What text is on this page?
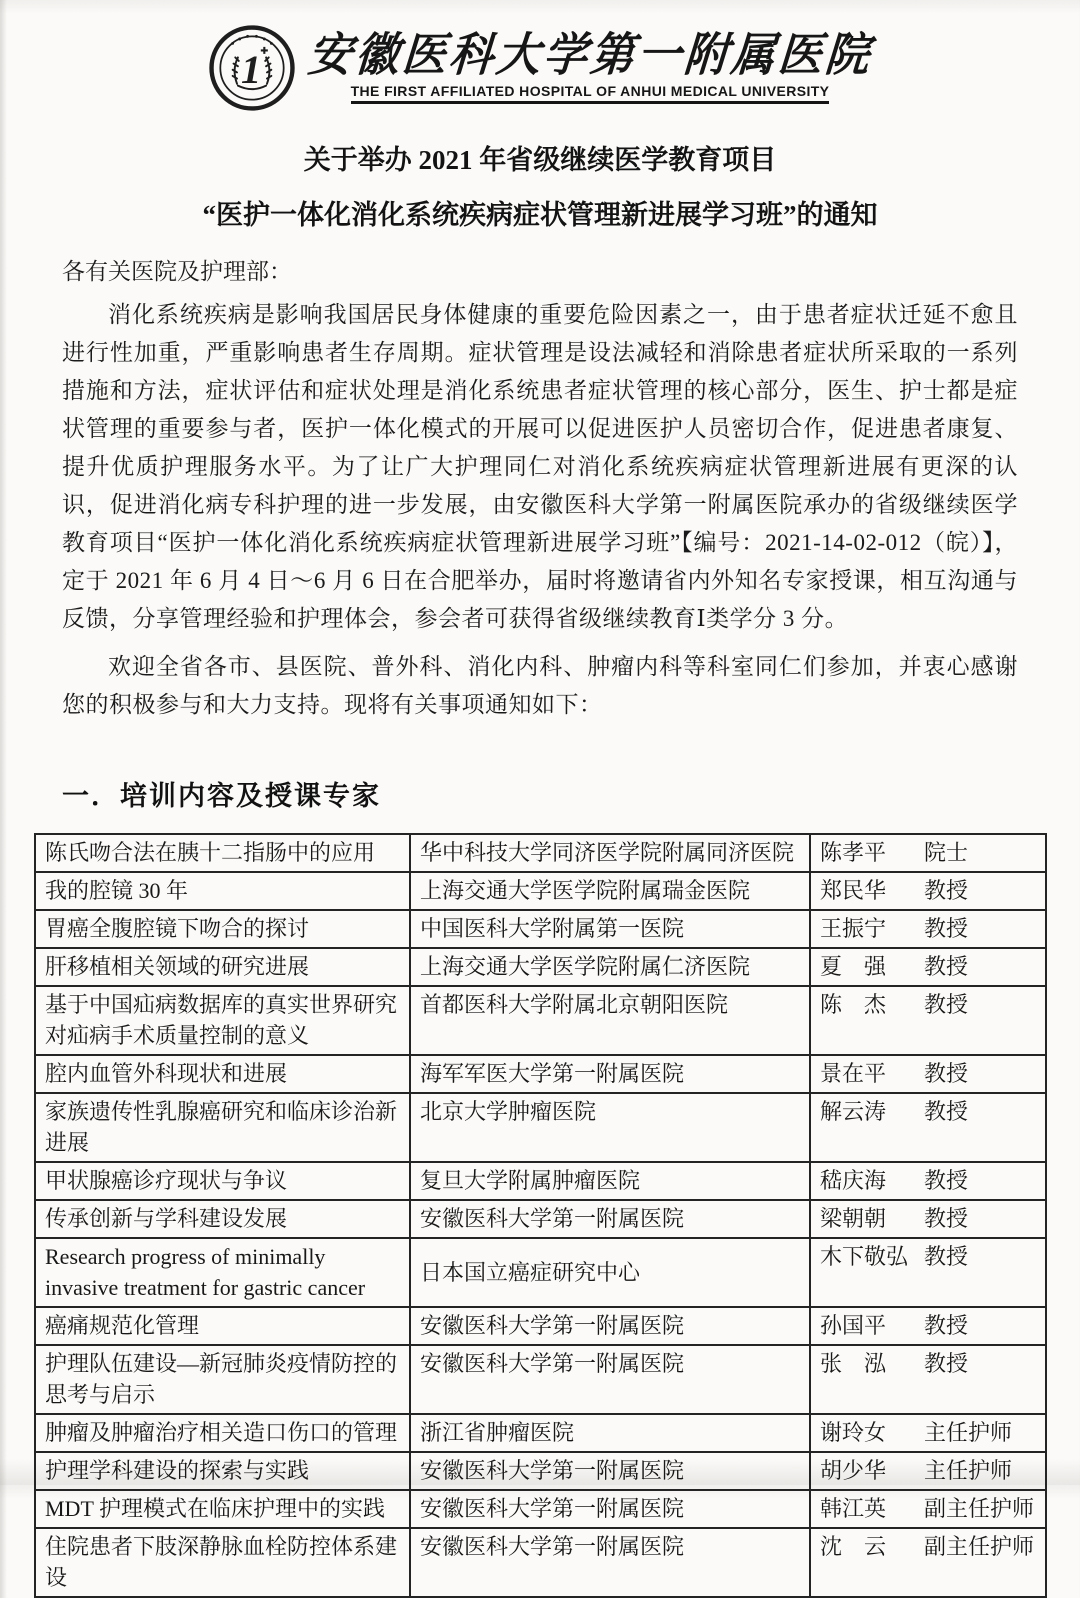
1 安徽医科大学第一附属医院
THE FIRST AFFILIATED HOSPITAL OF ANHUI MEDICAL UNIVERSITY
关于举办 2021 年省级继续医学教育项目
“医护一体化消化系统疾病症状管理新进展学习班”的通知
各有关医院及护理部：

消化系统疾病是影响我国居民身体健康的重要危险因素之一，由于患者症状迁延不愈且进行性加重，严重影响患者生存周期。症状管理是设法减轻和消除患者症状所采取的一系列措施和方法，症状评估和症状处理是消化系统患者症状管理的核心部分，医生、护士都是症状管理的重要参与者，医护一体化模式的开展可以促进医护人员密切合作，促进患者康复、提升优质护理服务水平。为了让广大护理同仁对消化系统疾病症状管理新进展有更深的认识，促进消化病专科护理的进一步发展，由安徽医科大学第一附属医院承办的省级继续医学教育项目“医护一体化消化系统疾病症状管理新进展学习班”【编号：2021-14-02-012（皖）】，定于 2021 年 6 月 4 日～6 月 6 日在合肥举办，届时将邀请省内外知名专家授课，相互沟通与反馈，分享管理经验和护理体会，参会者可获得省级继续教育Ⅰ类学分 3 分。

欢迎全省各市、县医院、普外科、消化内科、肿瘤内科等科室同仁们参加，并衷心感谢您的积极参与和大力支持。现将有关事项通知如下：

一．培训内容及授课专家
陈氏吻合法在胰十二指肠中的应用	华中科技大学同济医学院附属同济医院	陈孝平 院士
我的腔镜 30 年	上海交通大学医学院附属瑞金医院	郑民华 教授
胃癌全腹腔镜下吻合的探讨	中国医科大学附属第一医院	王振宁 教授
肝移植相关领域的研究进展	上海交通大学医学院附属仁济医院	夏　强 教授
基于中国疝病数据库的真实世界研究对疝病手术质量控制的意义	首都医科大学附属北京朝阳医院	陈　杰 教授
腔内血管外科现状和进展	海军军医大学第一附属医院	景在平 教授
家族遗传性乳腺癌研究和临床诊治新进展	北京大学肿瘤医院	解云涛 教授
甲状腺癌诊疗现状与争议	复旦大学附属肿瘤医院	嵇庆海 教授
传承创新与学科建设发展	安徽医科大学第一附属医院	梁朝朝 教授
Research progress of minimally invasive treatment for gastric cancer	日本国立癌症研究中心	木下敬弘 教授
癌痛规范化管理	安徽医科大学第一附属医院	孙国平 教授
护理队伍建设—新冠肺炎疫情防控的思考与启示	安徽医科大学第一附属医院	张　泓 教授
肿瘤及肿瘤治疗相关造口伤口的管理	浙江省肿瘤医院	谢玲女 主任护师
护理学科建设的探索与实践	安徽医科大学第一附属医院	胡少华 主任护师
MDT 护理模式在临床护理中的实践	安徽医科大学第一附属医院	韩江英 副主任护师
住院患者下肢深静脉血栓防控体系建设	安徽医科大学第一附属医院	沈　云 副主任护师
